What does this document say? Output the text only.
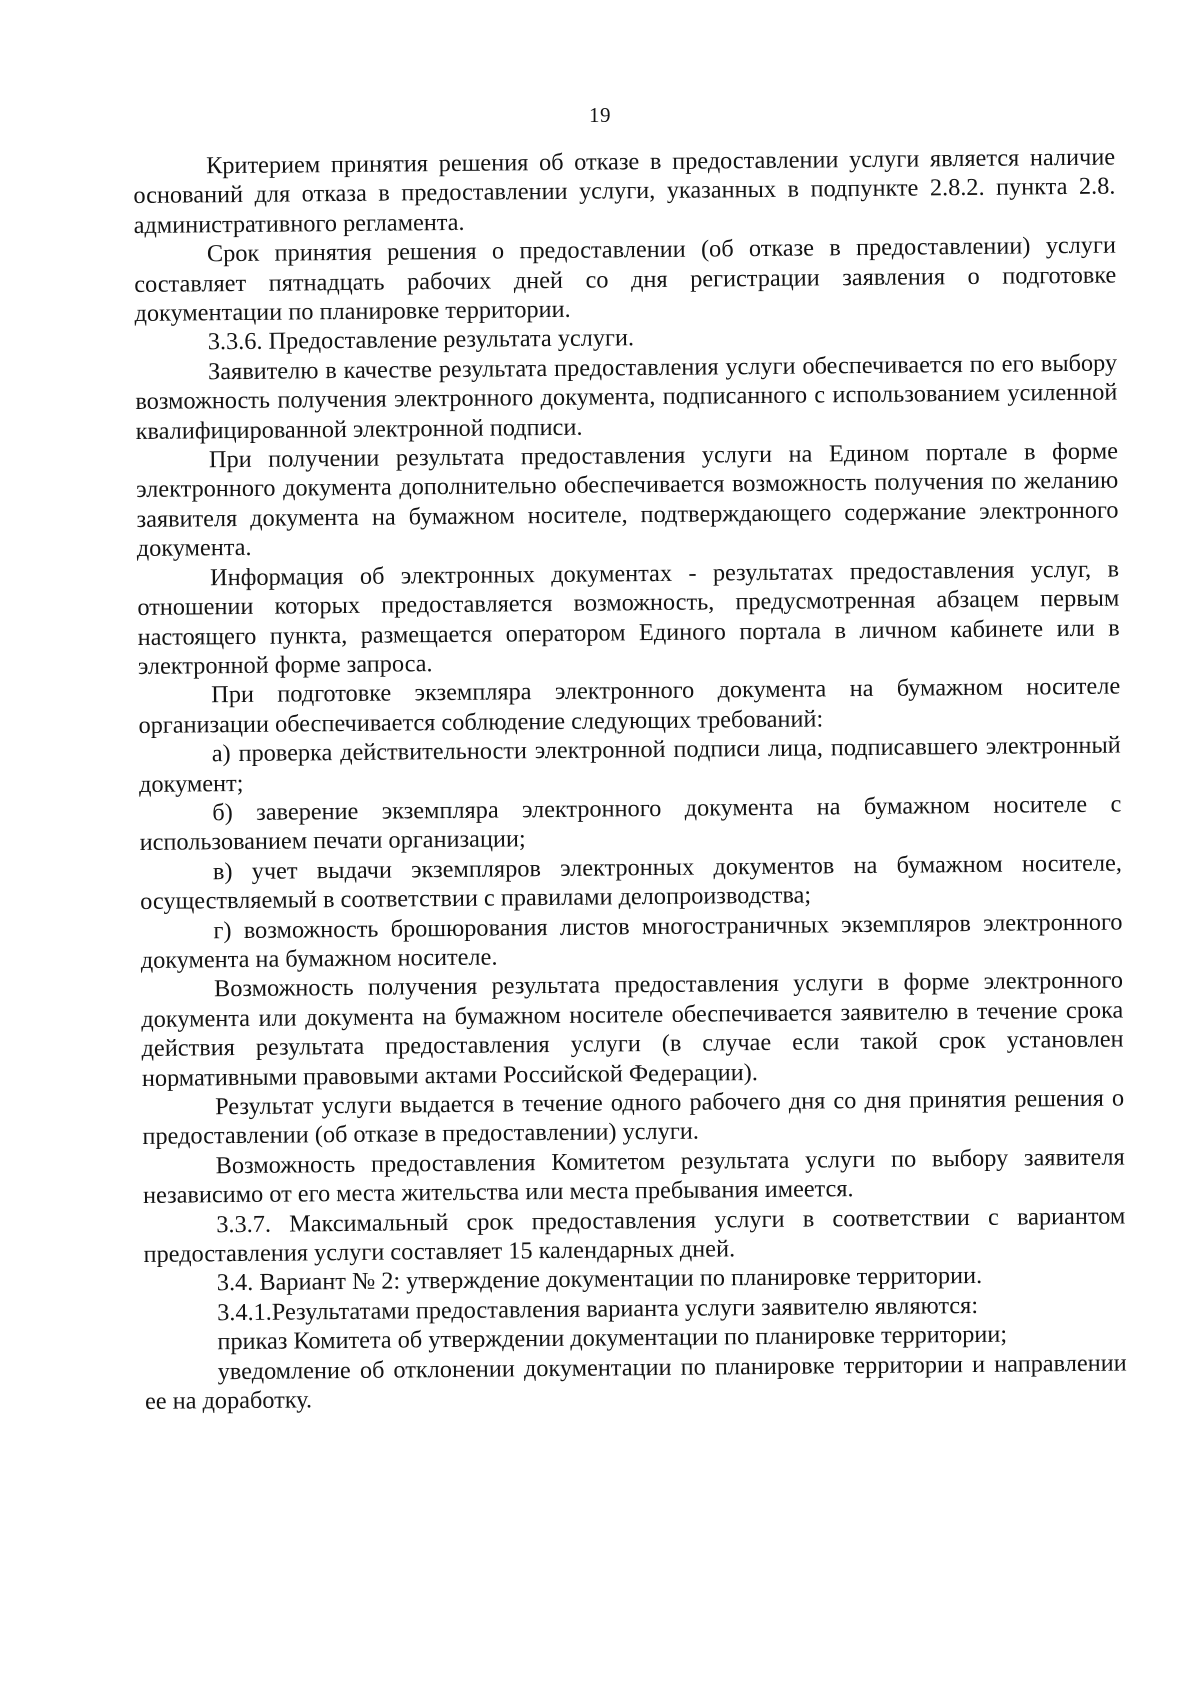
19

Критерием принятия решения об отказе в предоставлении услуги является наличие оснований для отказа в предоставлении услуги, указанных в подпункте 2.8.2. пункта 2.8. административного регламента.

Срок принятия решения о предоставлении (об отказе в предоставлении) услуги составляет пятнадцать рабочих дней со дня регистрации заявления о подготовке документации по планировке территории.

3.3.6. Предоставление результата услуги.

Заявителю в качестве результата предоставления услуги обеспечивается по его выбору возможность получения электронного документа, подписанного с использованием усиленной квалифицированной электронной подписи.

При получении результата предоставления услуги на Едином портале в форме электронного документа дополнительно обеспечивается возможность получения по желанию заявителя документа на бумажном носителе, подтверждающего содержание электронного документа.

Информация об электронных документах - результатах предоставления услуг, в отношении которых предоставляется возможность, предусмотренная абзацем первым настоящего пункта, размещается оператором Единого портала в личном кабинете или в электронной форме запроса.

При подготовке экземпляра электронного документа на бумажном носителе организации обеспечивается соблюдение следующих требований:

а) проверка действительности электронной подписи лица, подписавшего электронный документ;

б) заверение экземпляра электронного документа на бумажном носителе с использованием печати организации;

в) учет выдачи экземпляров электронных документов на бумажном носителе, осуществляемый в соответствии с правилами делопроизводства;

г) возможность брошюрования листов многостраничных экземпляров электронного документа на бумажном носителе.

Возможность получения результата предоставления услуги в форме электронного документа или документа на бумажном носителе обеспечивается заявителю в течение срока действия результата предоставления услуги (в случае если такой срок установлен нормативными правовыми актами Российской Федерации).

Результат услуги выдается в течение одного рабочего дня со дня принятия решения о предоставлении (об отказе в предоставлении) услуги.

Возможность предоставления Комитетом результата услуги по выбору заявителя независимо от его места жительства или места пребывания имеется.

3.3.7. Максимальный срок предоставления услуги в соответствии с вариантом предоставления услуги составляет 15 календарных дней.

3.4. Вариант № 2: утверждение документации по планировке территории.

3.4.1.Результатами предоставления варианта услуги заявителю являются:

приказ Комитета об утверждении документации по планировке территории;

уведомление об отклонении документации по планировке территории и направлении ее на доработку.
